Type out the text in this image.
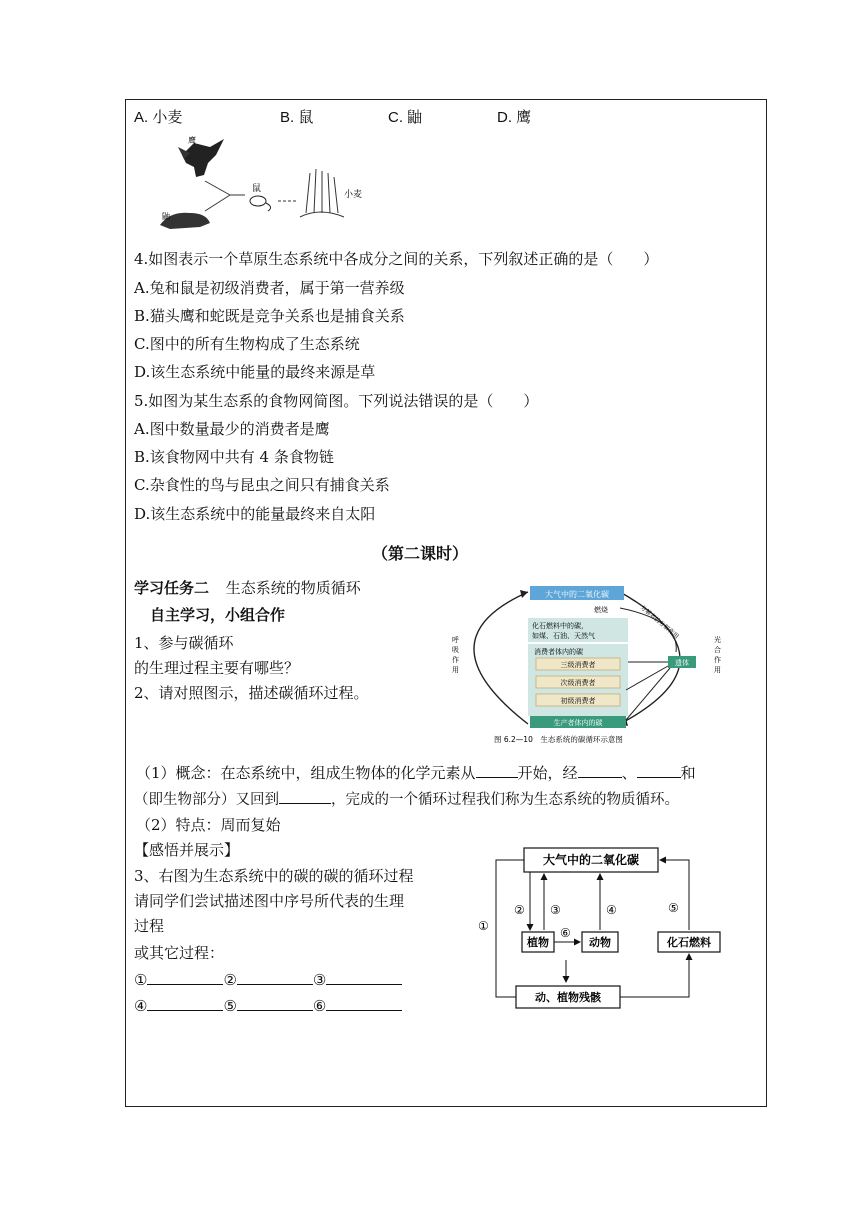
A. 小麦	B. 鼠	C. 鼬	D. 鹰
鹰
鼠
小麦
鼬
4.如图表示一个草原生态系统中各成分之间的关系，下列叙述正确的是（　　）
A.兔和鼠是初级消费者，属于第一营养级
B.猫头鹰和蛇既是竞争关系也是捕食关系
C.图中的所有生物构成了生态系统
D.该生态系统中能量的最终来源是草
5.如图为某生态系的食物网简图。下列说法错误的是（　　）
A.图中数量最少的消费者是鹰
B.该食物网中共有 4 条食物链
C.杂食性的鸟与昆虫之间只有捕食关系
D.该生态系统中的能量最终来自太阳
（第二课时）
学习任务二 生态系统的物质循环
自主学习，小组合作
1、参与碳循环
的生理过程主要有哪些？
2、请对照图示，描述碳循环过程。
大气中的二氧化碳
化石燃料中的碳，
如煤、石油、天然气
燃烧
消费者体内的碳
三级消费者
次级消费者
初级消费者
生产者体内的碳
遗体
呼
吸
作
用
光
合
作
用
分解者的分解作用
图 6.2—10　生态系统的碳循环示意图
（1）概念：在态系统中，组成生物体的化学元素从	开始，经	、	和
（即生物部分）又回到	，完成的一个循环过程我们称为生态系统的物质循环。
（2）特点：周而复始
【感悟并展示】
3、右图为生态系统中的碳的碳的循环过程
请同学们尝试描述图中序号所代表的生理
过程
或其它过程：
①	②	③
④	⑤	⑥
大气中的二氧化碳
植物	动物	化石燃料
动、植物残骸
①
② ③	④	⑤
⑥
